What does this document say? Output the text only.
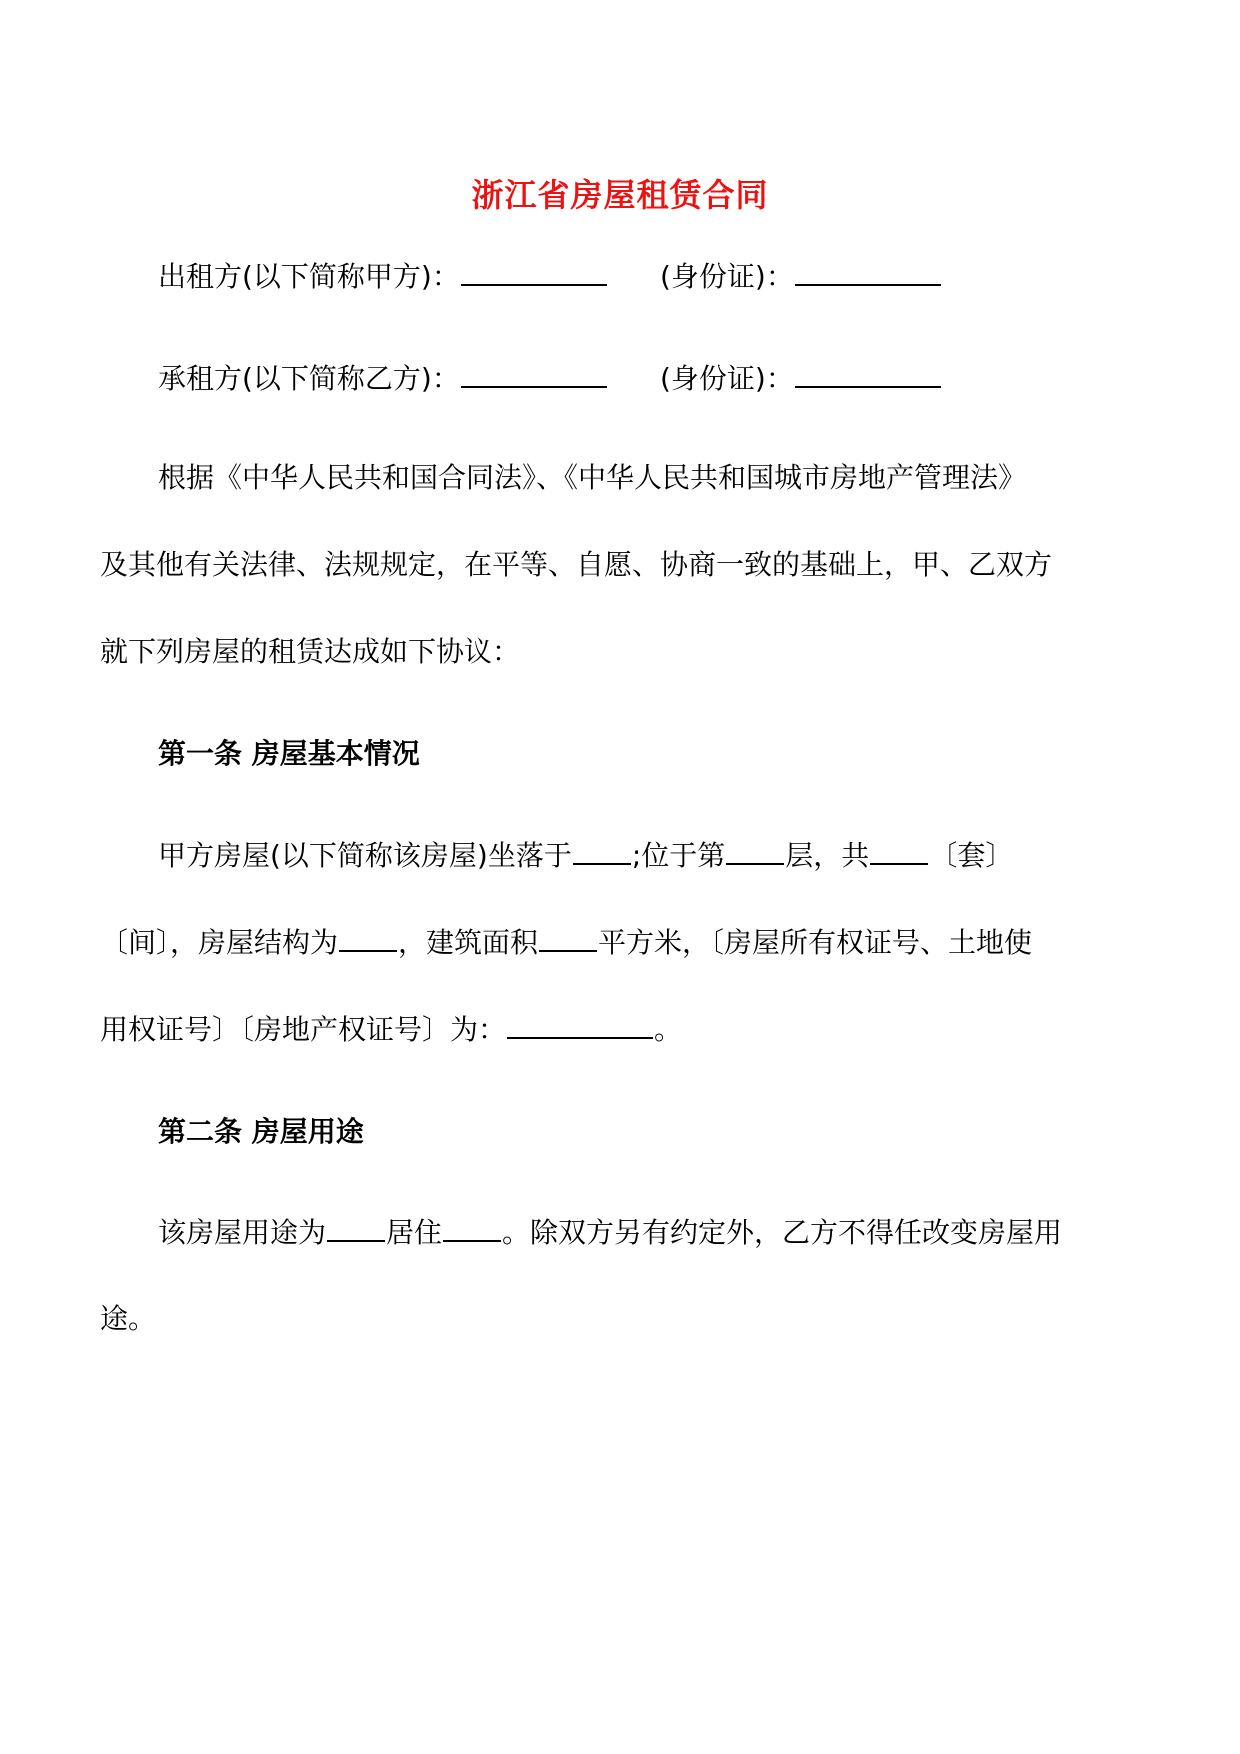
浙江省房屋租赁合同
出租方(以下简称甲方)：	(身份证)：
承租方(以下简称乙方)：	(身份证)：
根据《中华人民共和国合同法》、《中华人民共和国城市房地产管理法》
及其他有关法律、法规规定，在平等、自愿、协商一致的基础上，甲、乙双方
就下列房屋的租赁达成如下协议：
第一条 房屋基本情况
甲方房屋(以下简称该房屋)坐落于 ;位于第 层，共 〔套〕
〔间〕，房屋结构为 ，建筑面积 平方米，〔房屋所有权证号、土地使
用权证号〕〔房地产权证号〕为：	。
第二条 房屋用途
该房屋用途为 居住 。除双方另有约定外，乙方不得任改变房屋用
途。
